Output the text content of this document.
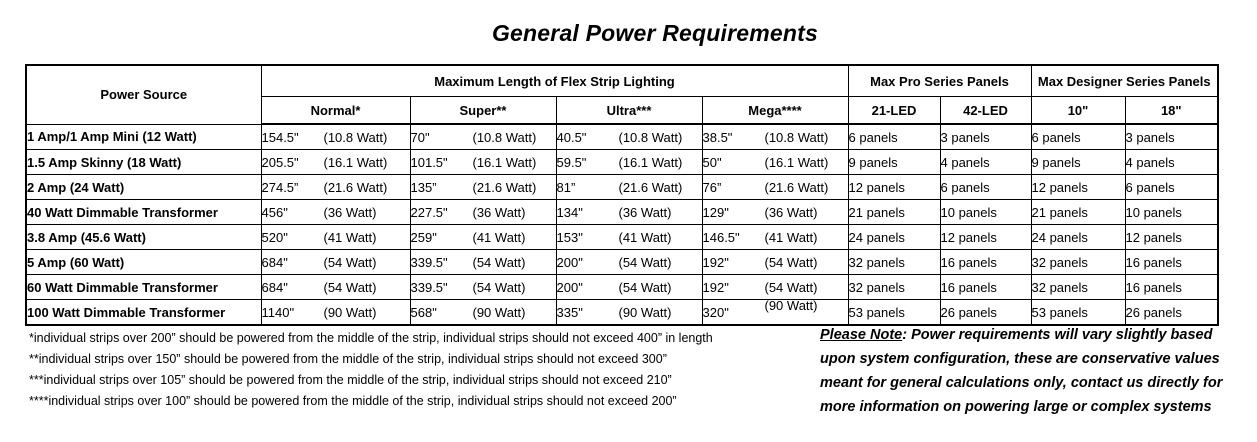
General Power Requirements
Power Source	Maximum Length of Flex Strip Lighting				Max Pro Series Panels		Max Designer Series Panels	
	Normal*	Super**	Ultra***	Mega****	21-LED	42-LED	10"	18"
1 Amp/1 Amp Mini (12 Watt)	154.5" (10.8 Watt)	70" (10.8 Watt)	40.5" (10.8 Watt)	38.5" (10.8 Watt)	6 panels	3 panels	6 panels	3 panels
1.5 Amp Skinny (18 Watt)	205.5" (16.1 Watt)	101.5" (16.1 Watt)	59.5" (16.1 Watt)	50" (16.1 Watt)	9 panels	4 panels	9 panels	4 panels
2 Amp (24 Watt)	274.5” (21.6 Watt)	135” (21.6 Watt)	81” (21.6 Watt)	76” (21.6 Watt)	12 panels	6 panels	12 panels	6 panels
40 Watt Dimmable Transformer	456" (36 Watt)	227.5" (36 Watt)	134" (36 Watt)	129" (36 Watt)	21 panels	10 panels	21 panels	10 panels
3.8 Amp (45.6 Watt)	520" (41 Watt)	259" (41 Watt)	153" (41 Watt)	146.5" (41 Watt)	24 panels	12 panels	24 panels	12 panels
5 Amp (60 Watt)	684" (54 Watt)	339.5" (54 Watt)	200" (54 Watt)	192" (54 Watt)	32 panels	16 panels	32 panels	16 panels
60 Watt Dimmable Transformer	684" (54 Watt)	339.5" (54 Watt)	200" (54 Watt)	192" (54 Watt)	32 panels	16 panels	32 panels	16 panels
100 Watt Dimmable Transformer	1140" (90 Watt)	568" (90 Watt)	335" (90 Watt)	320" (90 Watt)	53 panels	26 panels	53 panels	26 panels
*individual strips over 200” should be powered from the middle of the strip, individual strips should not exceed 400” in length
**individual strips over 150” should be powered from the middle of the strip, individual strips should not exceed 300”
***individual strips over 105” should be powered from the middle of the strip, individual strips should not exceed 210”
****individual strips over 100” should be powered from the middle of the strip, individual strips should not exceed 200”
Please Note: Power requirements will vary slightly based upon system configuration, these are conservative values meant for general calculations only, contact us directly for more information on powering large or complex systems
